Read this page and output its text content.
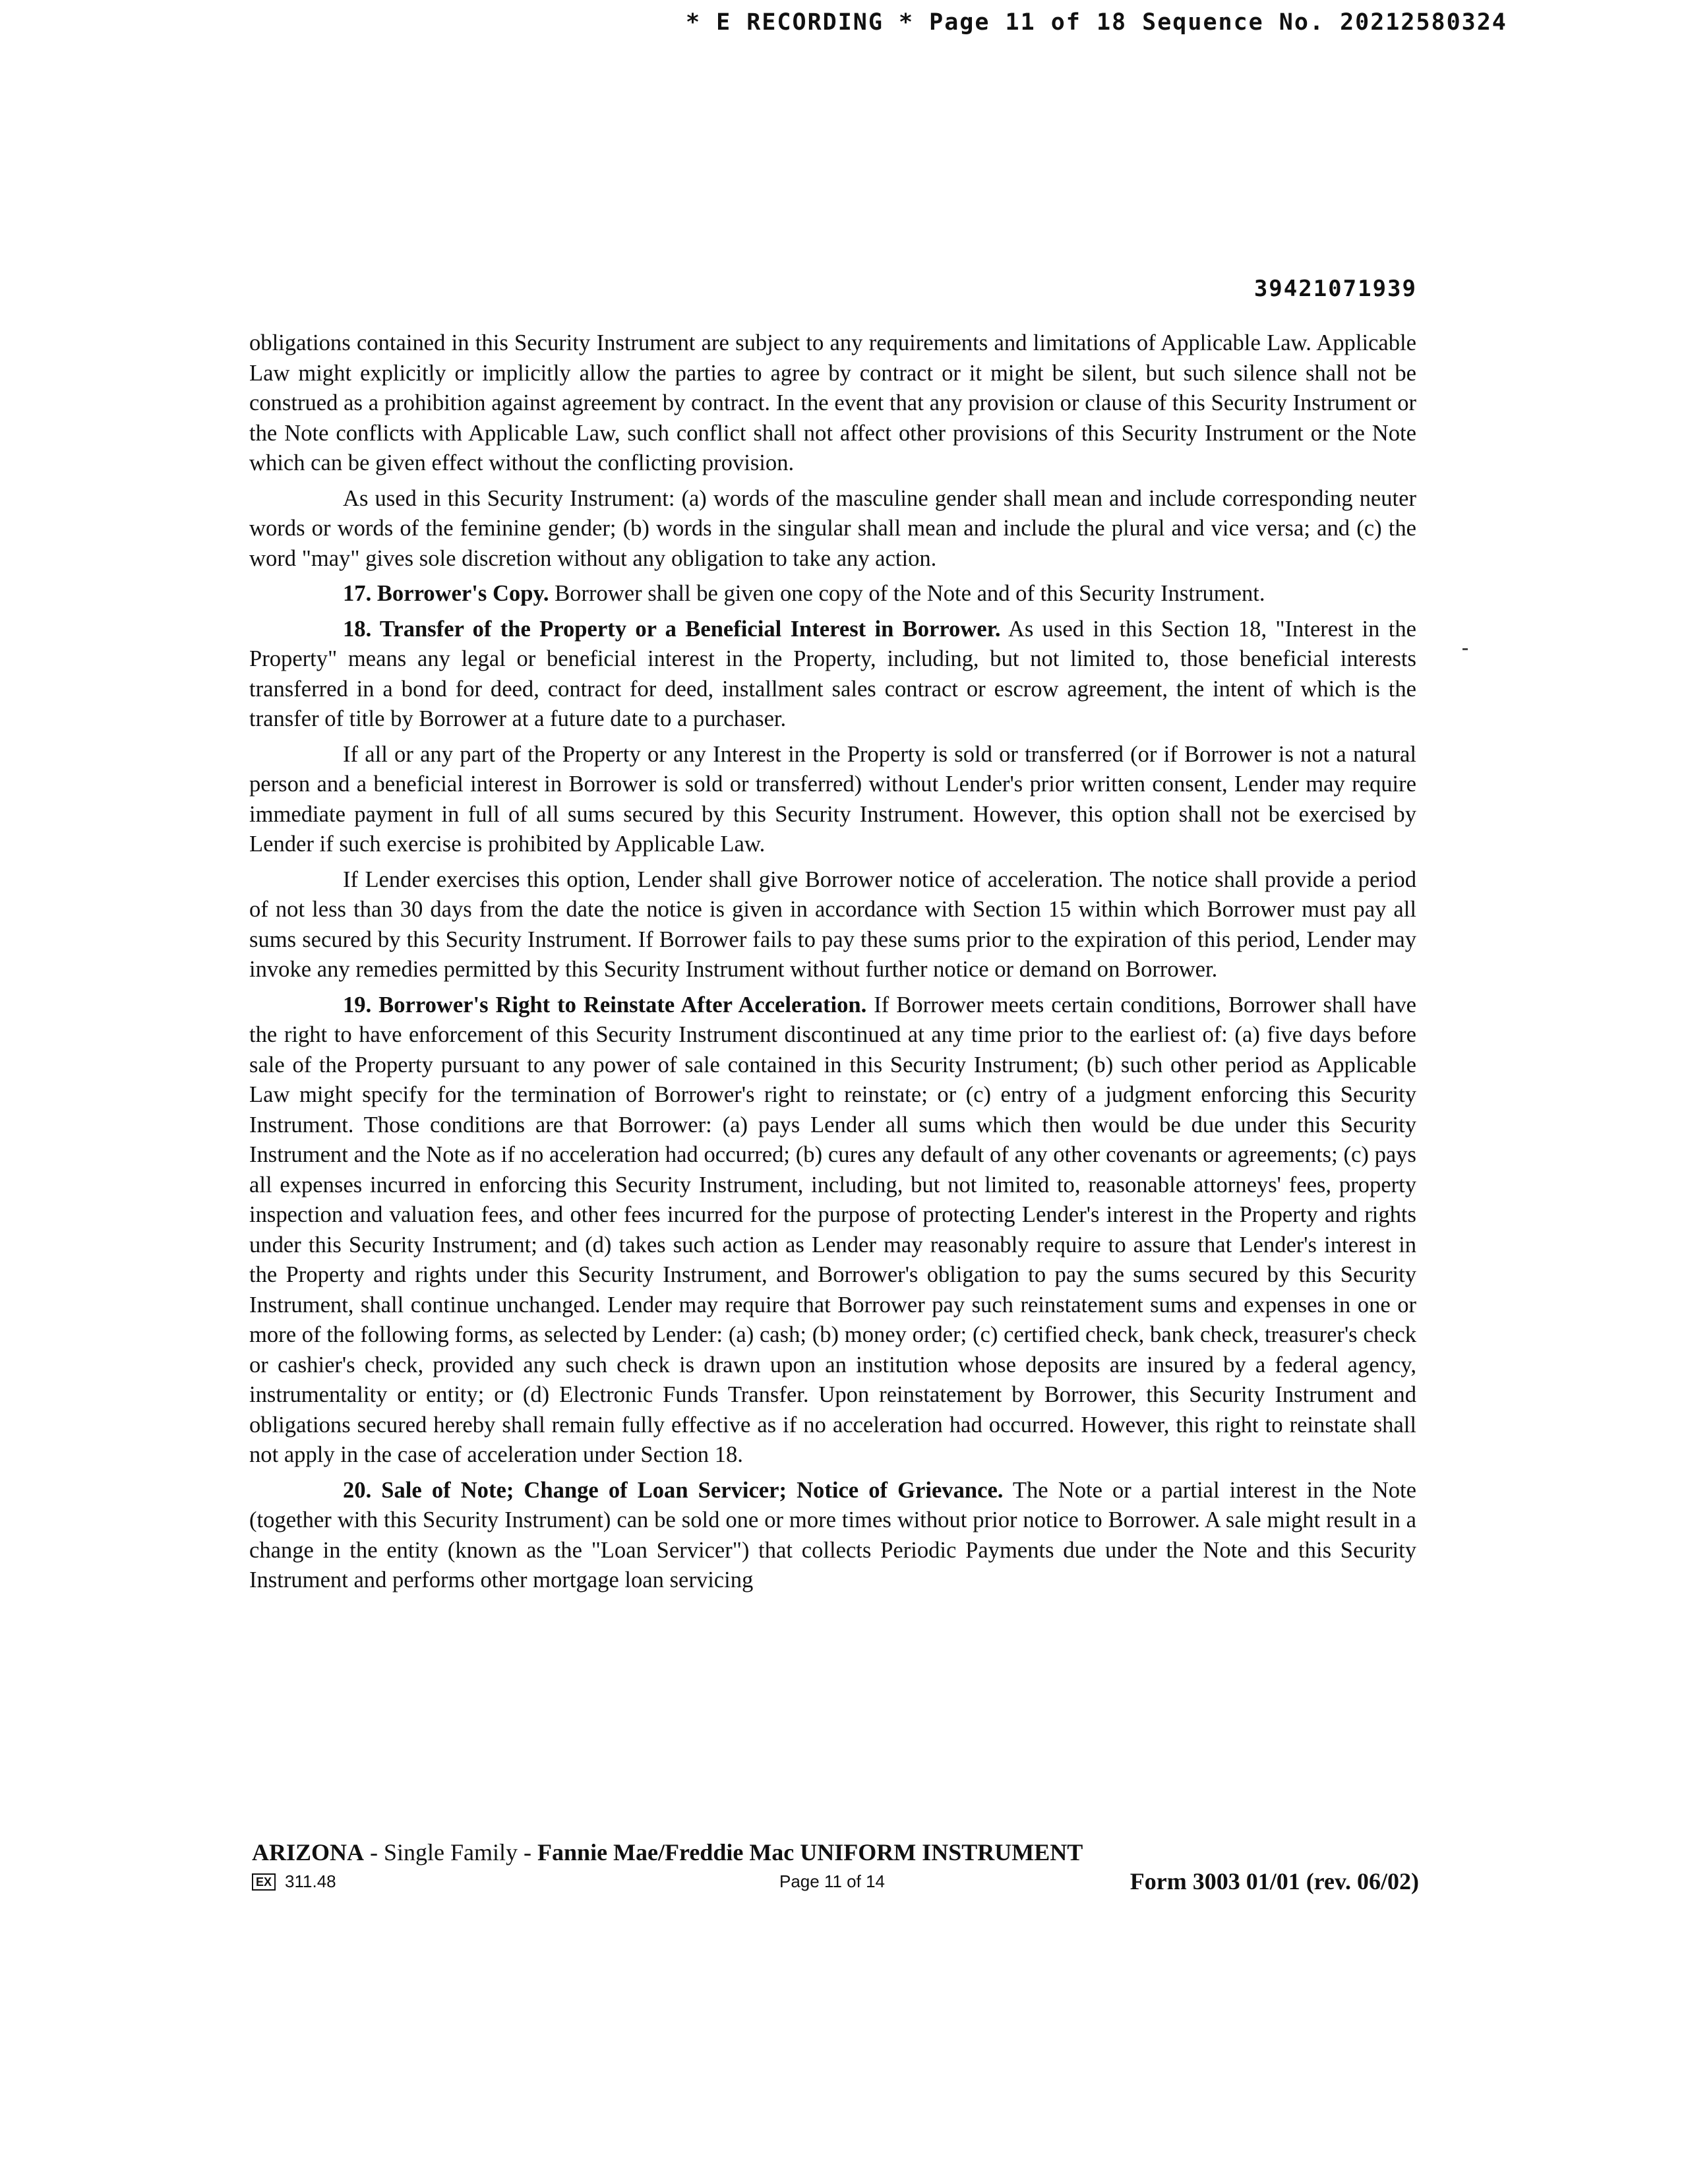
* E RECORDING * Page 11 of 18 Sequence No. 20212580324
39421071939

obligations contained in this Security Instrument are subject to any requirements and limitations of Applicable Law. Applicable Law might explicitly or implicitly allow the parties to agree by contract or it might be silent, but such silence shall not be construed as a prohibition against agreement by contract. In the event that any provision or clause of this Security Instrument or the Note conflicts with Applicable Law, such conflict shall not affect other provisions of this Security Instrument or the Note which can be given effect without the conflicting provision.

As used in this Security Instrument: (a) words of the masculine gender shall mean and include corresponding neuter words or words of the feminine gender; (b) words in the singular shall mean and include the plural and vice versa; and (c) the word "may" gives sole discretion without any obligation to take any action.

17. Borrower's Copy. Borrower shall be given one copy of the Note and of this Security Instrument.

18. Transfer of the Property or a Beneficial Interest in Borrower. As used in this Section 18, "Interest in the Property" means any legal or beneficial interest in the Property, including, but not limited to, those beneficial interests transferred in a bond for deed, contract for deed, installment sales contract or escrow agreement, the intent of which is the transfer of title by Borrower at a future date to a purchaser.

If all or any part of the Property or any Interest in the Property is sold or transferred (or if Borrower is not a natural person and a beneficial interest in Borrower is sold or transferred) without Lender's prior written consent, Lender may require immediate payment in full of all sums secured by this Security Instrument. However, this option shall not be exercised by Lender if such exercise is prohibited by Applicable Law.

If Lender exercises this option, Lender shall give Borrower notice of acceleration. The notice shall provide a period of not less than 30 days from the date the notice is given in accordance with Section 15 within which Borrower must pay all sums secured by this Security Instrument. If Borrower fails to pay these sums prior to the expiration of this period, Lender may invoke any remedies permitted by this Security Instrument without further notice or demand on Borrower.

19. Borrower's Right to Reinstate After Acceleration. If Borrower meets certain conditions, Borrower shall have the right to have enforcement of this Security Instrument discontinued at any time prior to the earliest of: (a) five days before sale of the Property pursuant to any power of sale contained in this Security Instrument; (b) such other period as Applicable Law might specify for the termination of Borrower's right to reinstate; or (c) entry of a judgment enforcing this Security Instrument. Those conditions are that Borrower: (a) pays Lender all sums which then would be due under this Security Instrument and the Note as if no acceleration had occurred; (b) cures any default of any other covenants or agreements; (c) pays all expenses incurred in enforcing this Security Instrument, including, but not limited to, reasonable attorneys' fees, property inspection and valuation fees, and other fees incurred for the purpose of protecting Lender's interest in the Property and rights under this Security Instrument; and (d) takes such action as Lender may reasonably require to assure that Lender's interest in the Property and rights under this Security Instrument, and Borrower's obligation to pay the sums secured by this Security Instrument, shall continue unchanged. Lender may require that Borrower pay such reinstatement sums and expenses in one or more of the following forms, as selected by Lender: (a) cash; (b) money order; (c) certified check, bank check, treasurer's check or cashier's check, provided any such check is drawn upon an institution whose deposits are insured by a federal agency, instrumentality or entity; or (d) Electronic Funds Transfer. Upon reinstatement by Borrower, this Security Instrument and obligations secured hereby shall remain fully effective as if no acceleration had occurred. However, this right to reinstate shall not apply in the case of acceleration under Section 18.

20. Sale of Note; Change of Loan Servicer; Notice of Grievance. The Note or a partial interest in the Note (together with this Security Instrument) can be sold one or more times without prior notice to Borrower. A sale might result in a change in the entity (known as the "Loan Servicer") that collects Periodic Payments due under the Note and this Security Instrument and performs other mortgage loan servicing

ARIZONA - Single Family - Fannie Mae/Freddie Mac UNIFORM INSTRUMENT
EX 311.48	Page 11 of 14	Form 3003 01/01 (rev. 06/02)
